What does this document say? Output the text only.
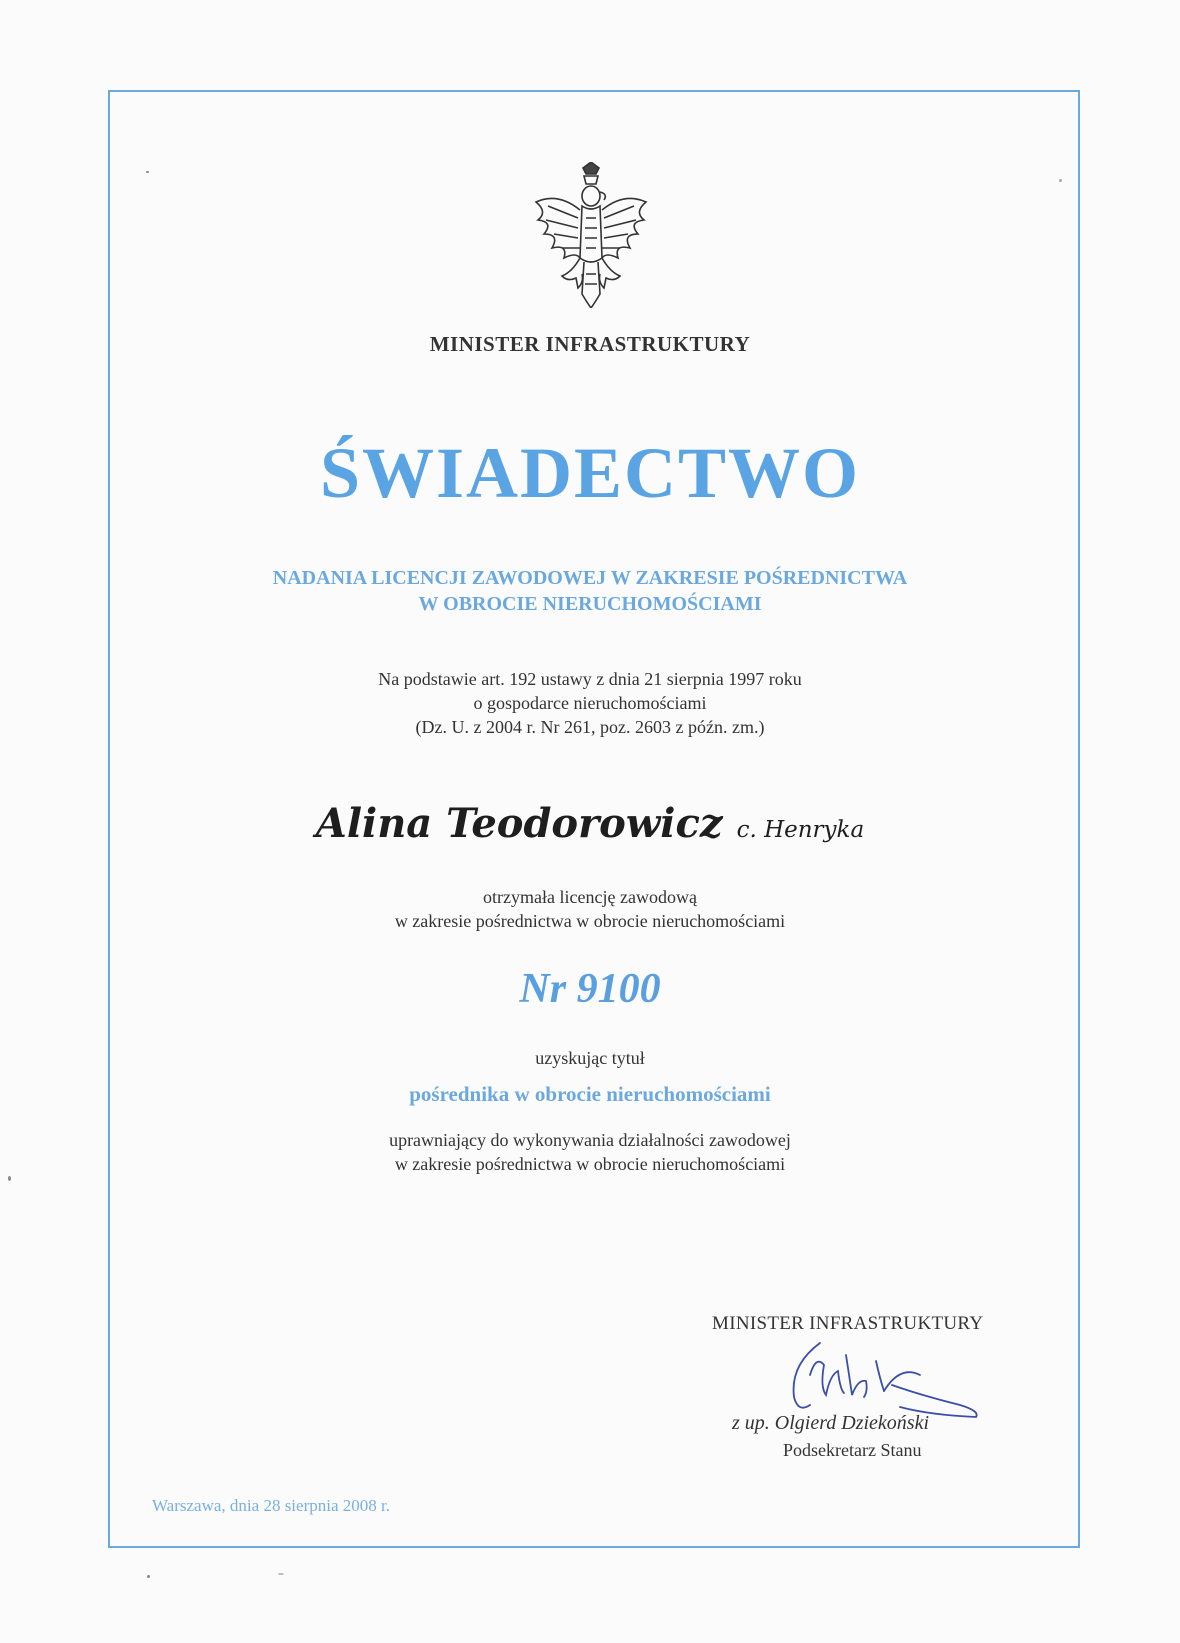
MINISTER INFRASTRUKTURY
ŚWIADECTWO
NADANIA LICENCJI ZAWODOWEJ W ZAKRESIE POŚREDNICTWA
W OBROCIE NIERUCHOMOŚCIAMI
Na podstawie art. 192 ustawy z dnia 21 sierpnia 1997 roku
o gospodarce nieruchomościami
(Dz. U. z 2004 r. Nr 261, poz. 2603 z późn. zm.)
Alina Teodorowicz c. Henryka
otrzymała licencję zawodową
w zakresie pośrednictwa w obrocie nieruchomościami
Nr 9100
uzyskując tytuł
pośrednika w obrocie nieruchomościami
uprawniający do wykonywania działalności zawodowej
w zakresie pośrednictwa w obrocie nieruchomościami
MINISTER INFRASTRUKTURY
z up. Olgierd Dziekoński
Podsekretarz Stanu
Warszawa, dnia 28 sierpnia 2008 r.
